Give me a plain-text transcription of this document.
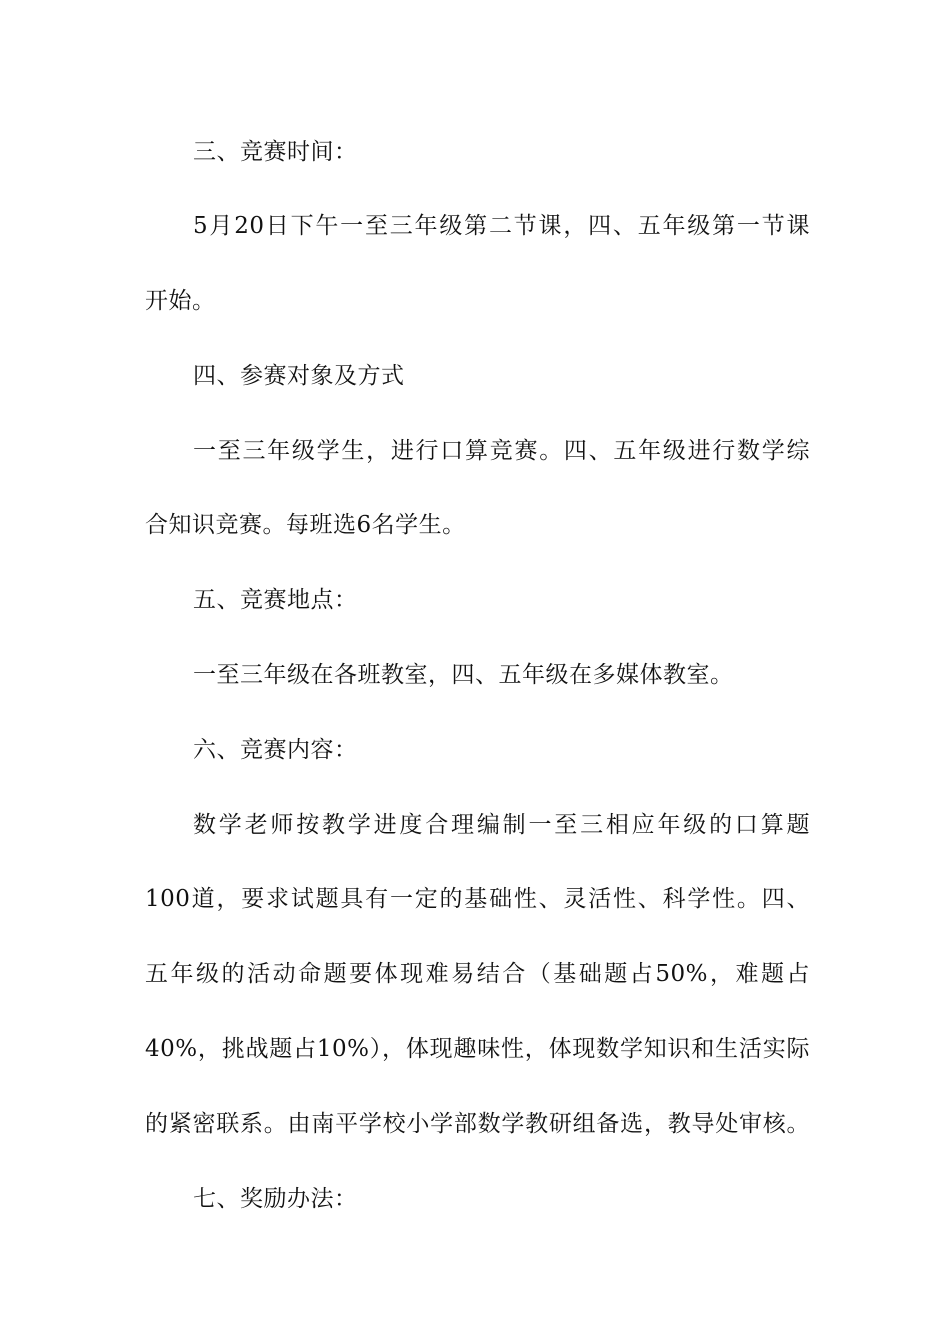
三、竞赛时间：
5月20日下午一至三年级第二节课，四、五年级第一节课
开始。
四、参赛对象及方式
一至三年级学生，进行口算竞赛。四、五年级进行数学综
合知识竞赛。每班选6名学生。
五、竞赛地点：
一至三年级在各班教室，四、五年级在多媒体教室。
六、竞赛内容：
数学老师按教学进度合理编制一至三相应年级的口算题
100道，要求试题具有一定的基础性、灵活性、科学性。四、
五年级的活动命题要体现难易结合（基础题占50%，难题占
40%，挑战题占10%），体现趣味性，体现数学知识和生活实际
的紧密联系。由南平学校小学部数学教研组备选，教导处审核。
七、奖励办法：
